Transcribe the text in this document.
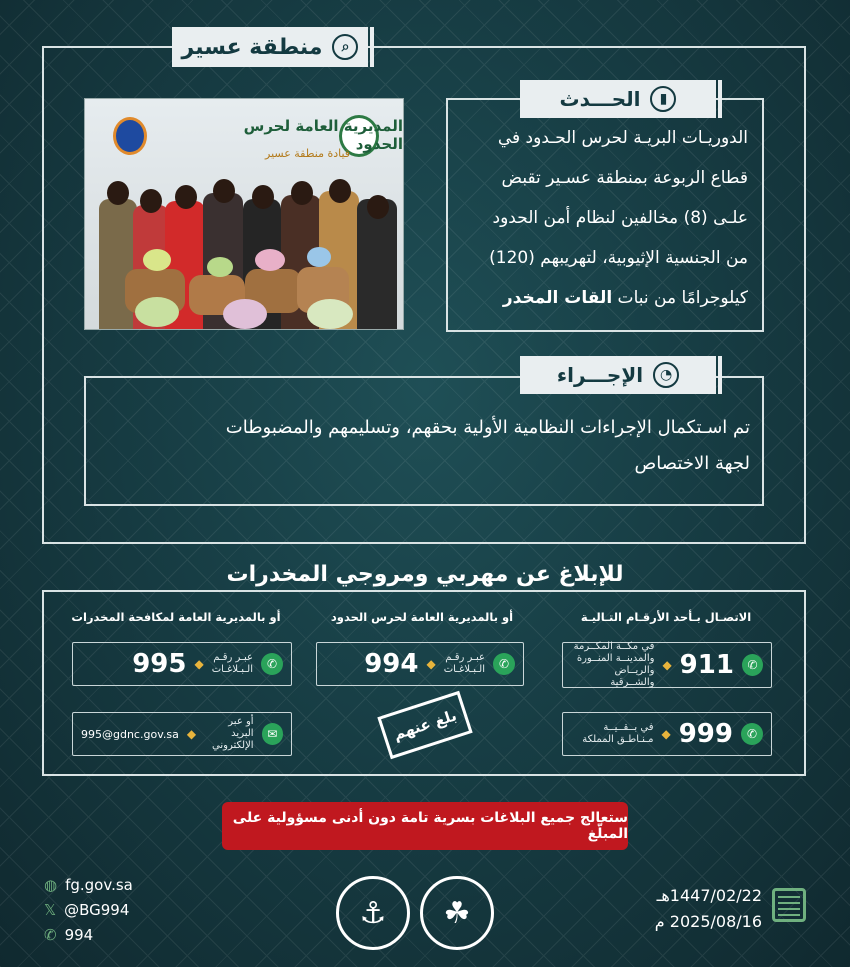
⌕
منطقة عسير
المديرية العامة لحرس الحدود
قيادة منطقة عسير
▮
الحـــدث
الدوريـات البريـة لحرس الحـدود في
قطاع الربوعة بمنطقة عسـير تقبض
علـى (8) مخالفين لنظام أمن الحدود
من الجنسية الإثيوبية، لتهريبهم (120)
كيلوجرامًا من نبات القات المخدر
◔
الإجـــراء
تم اسـتكمال الإجراءات النظامية الأولية بحقهم، وتسليمهم والمضبوطات
لجهة الاختصاص
للإبلاغ عن مهربي ومروجي المخدرات
الاتصـال بـأحد الأرقـام التـاليـة
أو بالمديرية العامة لحرس الحدود
أو بالمديرية العامة لمكافحة المخدرات
✆
911
◆
في مكــة المكــرمة
والمدينــة المنــورة
والريــاض والشــرقية
✆
999
◆
في بــقــيــة
مـنـاطـق المملكة
✆
عبـر رقـم
الـبـلاغـات
◆
994
✆
عبـر رقـم
الـبـلاغـات
◆
995
✉
أو عبر البريد
الإلكتروني
◆
995@gdnc.gov.sa	بلغ عنهم
ستعالج جميع البلاغات بسرية تامة دون أدنى مسؤولية على المبلّغ
◍ fg.gov.sa
𝕏 @BG994
✆ 994
⚓	☘	1447/02/22هـ
2025/08/16 م
